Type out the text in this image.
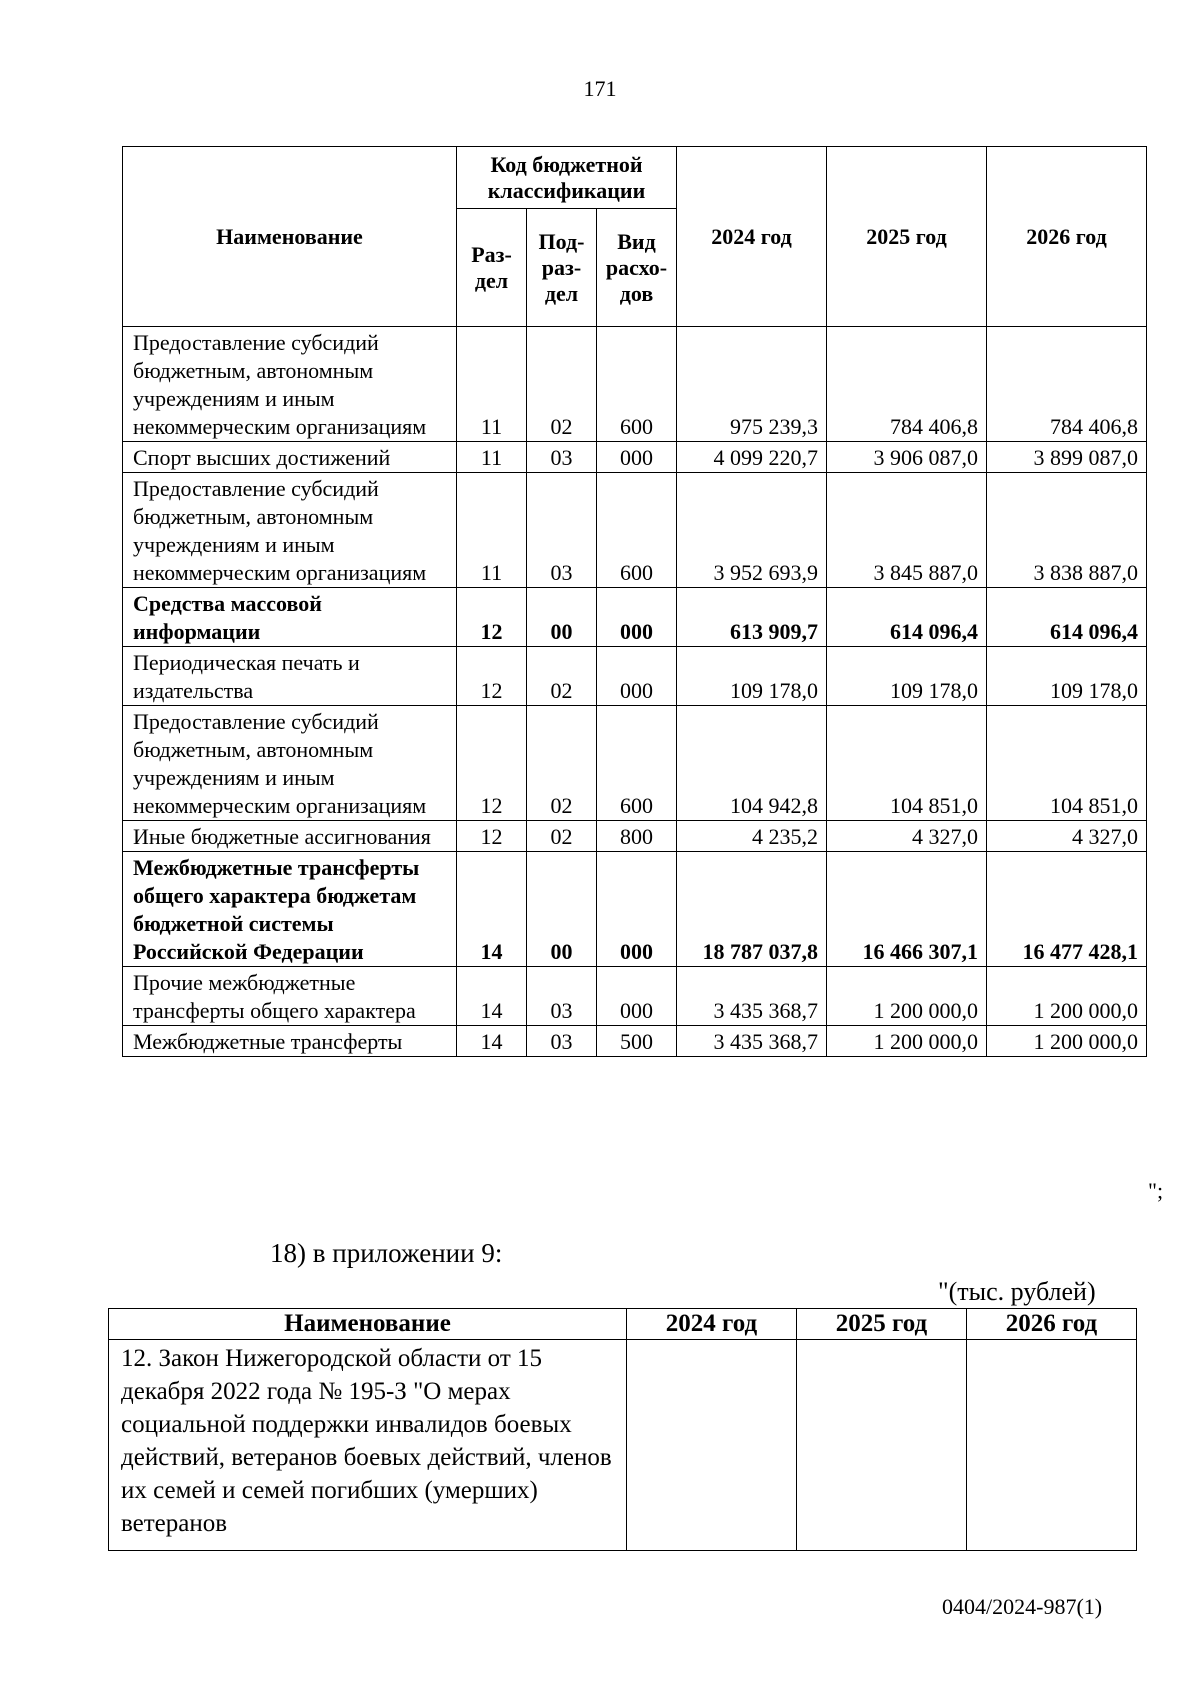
171
Наименование	Код бюджетной классификации			2024 год	2025 год	2026 год
	Раз-дел	Под-раз-дел	Вид расхо-дов			
Предоставление субсидий бюджетным, автономным учреждениям и иным некоммерческим организациям	11	02	600	975 239,3	784 406,8	784 406,8
Спорт высших достижений	11	03	000	4 099 220,7	3 906 087,0	3 899 087,0
Предоставление субсидий бюджетным, автономным учреждениям и иным некоммерческим организациям	11	03	600	3 952 693,9	3 845 887,0	3 838 887,0
Средства массовой информации	12	00	000	613 909,7	614 096,4	614 096,4
Периодическая печать и издательства	12	02	000	109 178,0	109 178,0	109 178,0
Предоставление субсидий бюджетным, автономным учреждениям и иным некоммерческим организациям	12	02	600	104 942,8	104 851,0	104 851,0
Иные бюджетные ассигнования	12	02	800	4 235,2	4 327,0	4 327,0
Межбюджетные трансферты общего характера бюджетам бюджетной системы Российской Федерации	14	00	000	18 787 037,8	16 466 307,1	16 477 428,1
Прочие межбюджетные трансферты общего характера	14	03	000	3 435 368,7	1 200 000,0	1 200 000,0
Межбюджетные трансферты	14	03	500	3 435 368,7	1 200 000,0	1 200 000,0
";
18) в приложении 9:
"(тыс. рублей)
Наименование	2024 год	2025 год	2026 год
12. Закон Нижегородской области от 15 декабря 2022 года № 195-З "О мерах социальной поддержки инвалидов боевых действий, ветеранов боевых действий, членов их семей и семей погибших (умерших) ветеранов			
0404/2024-987(1)
